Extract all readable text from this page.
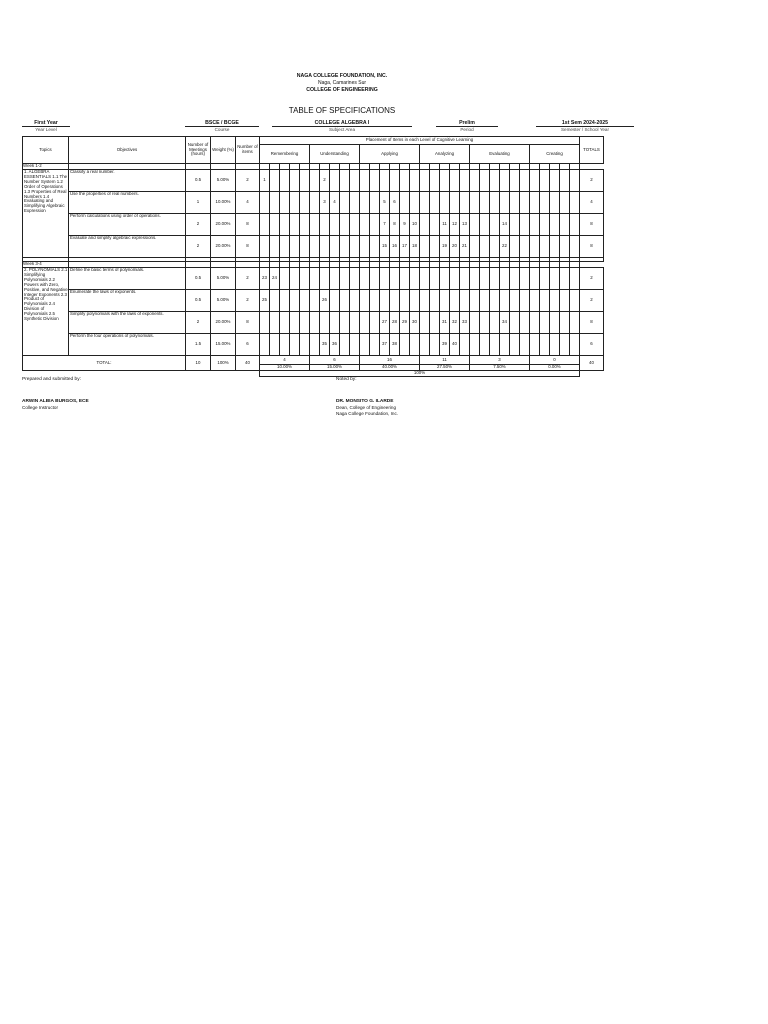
NAGA COLLEGE FOUNDATION, INC.
Naga, Camarines Sur
COLLEGE OF ENGINEERING
TABLE OF SPECIFICATIONS
First Year
Year Level
BSCE / BCGE
Course
COLLEGE ALGEBRA I
Subject Area
Prelim
Period
1st Sem 2024-2025
Semester / School Year
Topics	Objectives	Number of Meetings (hours)	Weight (%)	Number of items	Placement of Items in each Level of Cognitive Learning																																TOTALS
					Remembering					Understanding					Applying						Analyzing					Evaluating						Creating					
Week 1-2																																					
1. ALGEBRA ESSENTIALS 1.1 The Number System 1.2 Order of Operations 1.3 Properties of Real Numbers 1.4 Evaluating and Simplifying Algebraic Expression	Classify a real number.	0.5	5.00%	2	1						2																										2
	Use the properties of real numbers.	1	10.00%	4							3	4					5	6																			4
	Perform calculations using order of operations.	2	20.00%	8													7	8	9	10			11	12	13				14								8
	Evaluate and simplify algebraic expressions.	2	20.00%	8													15	16	17	18			19	20	21				22								8

Week 3-4																																					
2. POLYNOMIALS 2.1 Simplifying Polynomials 2.2 Powers with Zero, Positive, and Negative Integer Exponents 2.3 Product of Polynomials 2.4 Division of Polynomials 2.5 Synthetic Division	Define the basic terms of polynomials.	0.5	5.00%	2	23	24																															2
	Enumerate the laws of exponents.	0.5	5.00%	2	25						26																										2
	Simplify polynomials with the laws of exponents.	2	20.00%	8													27	28	29	30			31	32	33				34								8
	Perform the four operations of polynomials.	1.5	15.00%	6							35	36					37	38					39	40													6
TOTAL:		10	100%	40	4					6					16						11					3						0					40
					10.00%					15.00%					40.00%						27.50%					7.50%						0.00%					
					100%																																
Prepared and submitted by:	Noted by:
ARWIN ALBIA BURGOS, ECE
College Instructor
DR. MONSITO G. ILARDE
Dean, College of Engineering
Naga College Foundation, Inc.
